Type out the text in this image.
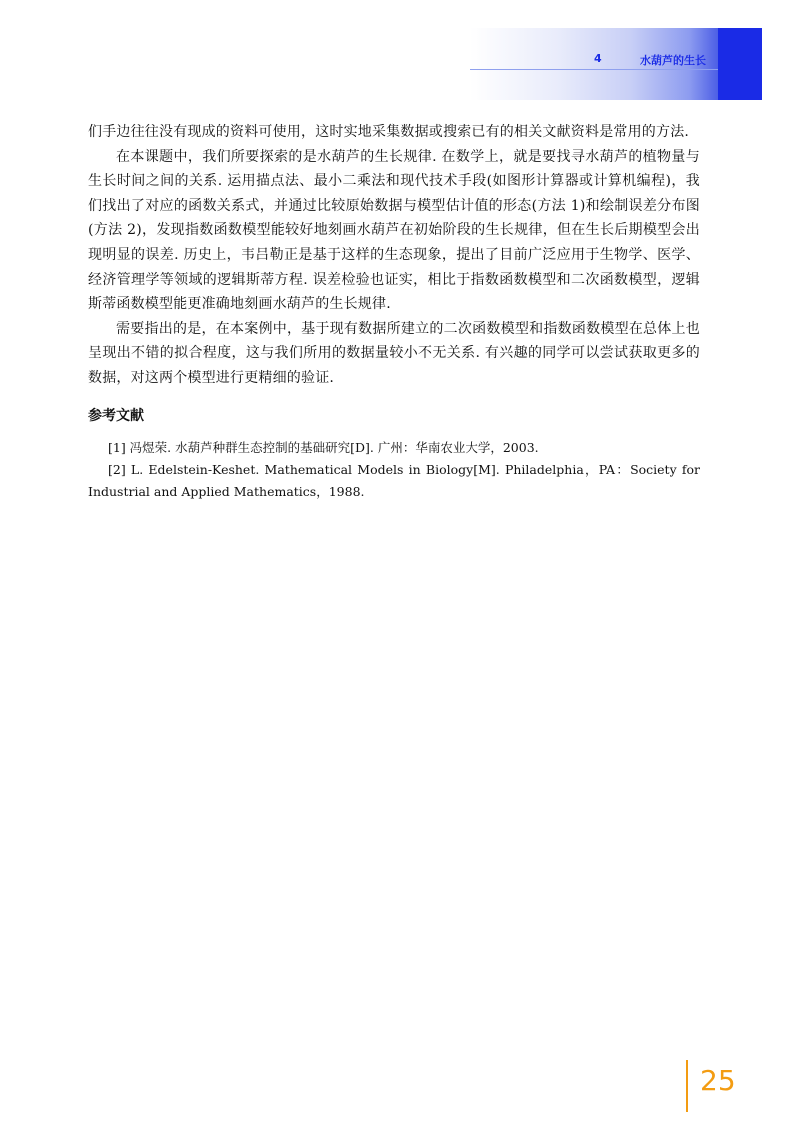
4	水葫芦的生长

们手边往往没有现成的资料可使用，这时实地采集数据或搜索已有的相关文献资料是常用的方法.

在本课题中，我们所要探索的是水葫芦的生长规律. 在数学上，就是要找寻水葫芦的植物量与生长时间之间的关系. 运用描点法、最小二乘法和现代技术手段(如图形计算器或计算机编程)，我们找出了对应的函数关系式，并通过比较原始数据与模型估计值的形态(方法 1)和绘制误差分布图(方法 2)，发现指数函数模型能较好地刻画水葫芦在初始阶段的生长规律，但在生长后期模型会出现明显的误差. 历史上，韦吕勒正是基于这样的生态现象，提出了目前广泛应用于生物学、医学、经济管理学等领域的逻辑斯蒂方程. 误差检验也证实，相比于指数函数模型和二次函数模型，逻辑斯蒂函数模型能更准确地刻画水葫芦的生长规律.

需要指出的是，在本案例中，基于现有数据所建立的二次函数模型和指数函数模型在总体上也呈现出不错的拟合程度，这与我们所用的数据量较小不无关系. 有兴趣的同学可以尝试获取更多的数据，对这两个模型进行更精细的验证.

参考文献

[1] 冯煜荣. 水葫芦种群生态控制的基础研究[D]. 广州：华南农业大学，2003.

[2] L. Edelstein-Keshet. Mathematical Models in Biology[M]. Philadelphia，PA：Society for Industrial and Applied Mathematics，1988.

25
